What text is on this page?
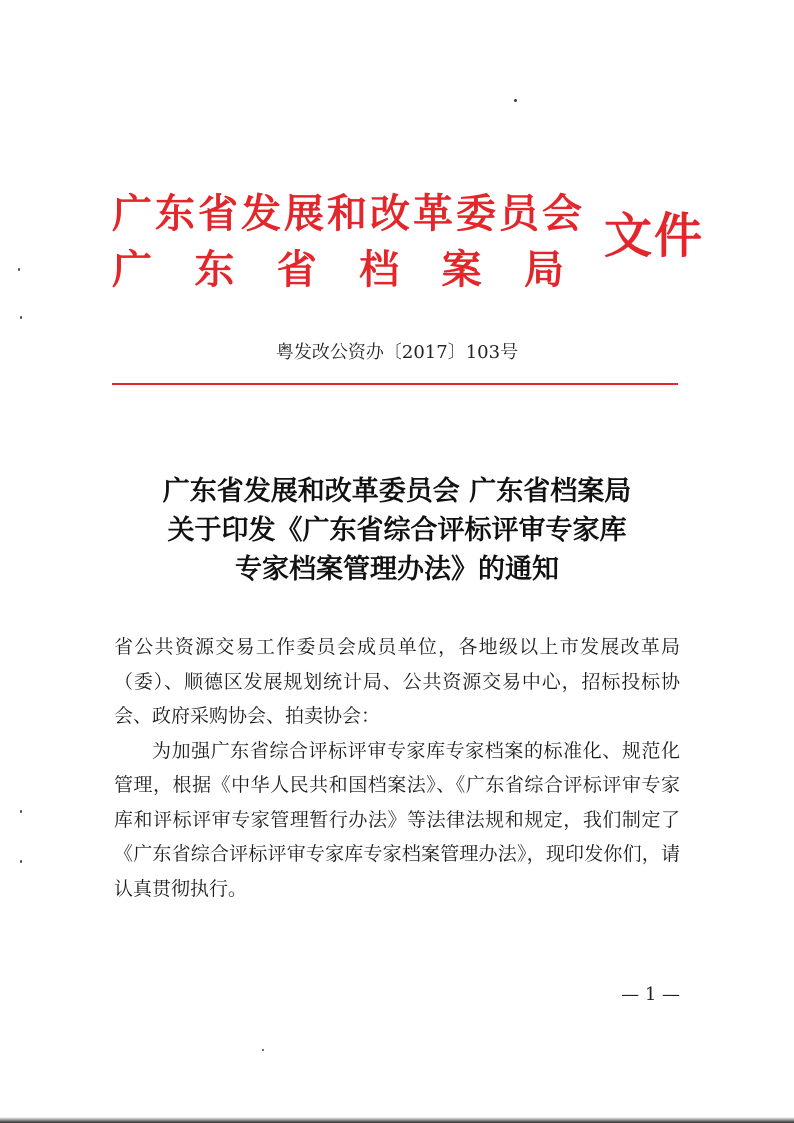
广东省发展和改革委员会
广 东 省 档 案 局
文件
粤发改公资办〔2017〕103号
广东省发展和改革委员会 广东省档案局
关于印发《广东省综合评标评审专家库
专家档案管理办法》的通知

省公共资源交易工作委员会成员单位，各地级以上市发展改革局（委）、顺德区发展规划统计局、公共资源交易中心，招标投标协会、政府采购协会、拍卖协会：

为加强广东省综合评标评审专家库专家档案的标准化、规范化管理，根据《中华人民共和国档案法》、《广东省综合评标评审专家库和评标评审专家管理暂行办法》等法律法规和规定，我们制定了《广东省综合评标评审专家库专家档案管理办法》，现印发你们，请认真贯彻执行。

— 1 —
